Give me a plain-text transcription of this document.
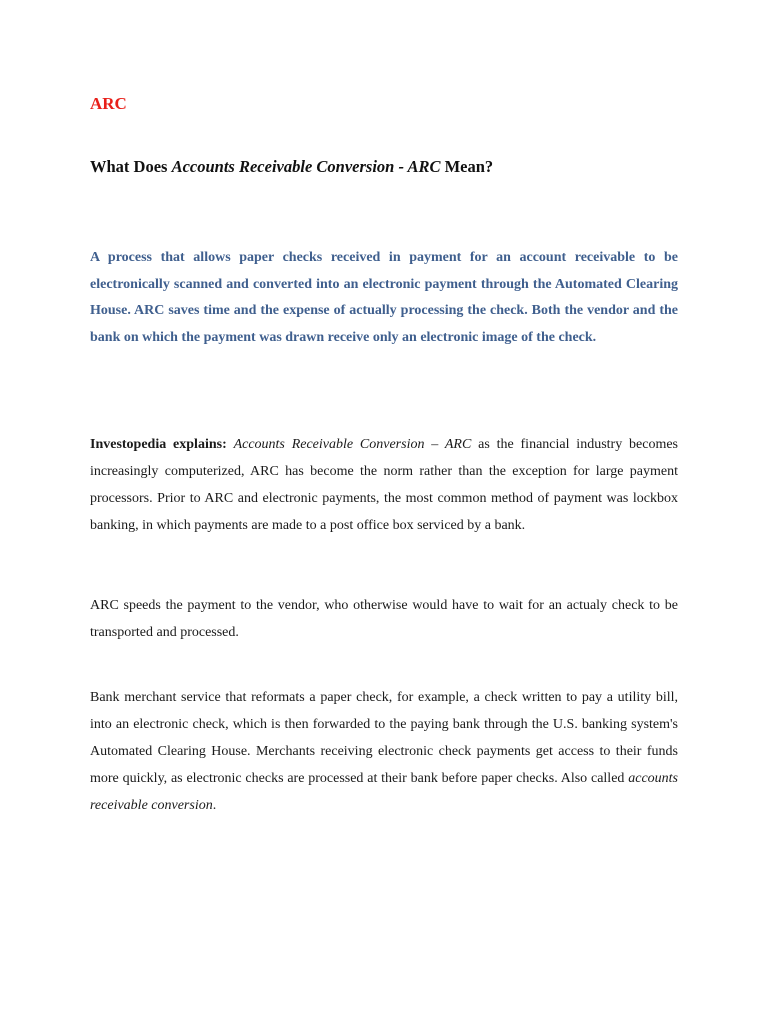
ARC
What Does Accounts Receivable Conversion - ARC Mean?

A process that allows paper checks received in payment for an account receivable to be electronically scanned and converted into an electronic payment through the Automated Clearing House. ARC saves time and the expense of actually processing the check. Both the vendor and the bank on which the payment was drawn receive only an electronic image of the check.

Investopedia explains: Accounts Receivable Conversion – ARC as the financial industry becomes increasingly computerized, ARC has become the norm rather than the exception for large payment processors. Prior to ARC and electronic payments, the most common method of payment was lockbox banking, in which payments are made to a post office box serviced by a bank.

ARC speeds the payment to the vendor, who otherwise would have to wait for an actualy check to be transported and processed.

Bank merchant service that reformats a paper check, for example, a check written to pay a utility bill, into an electronic check, which is then forwarded to the paying bank through the U.S. banking system's Automated Clearing House. Merchants receiving electronic check payments get access to their funds more quickly, as electronic checks are processed at their bank before paper checks. Also called accounts receivable conversion.
